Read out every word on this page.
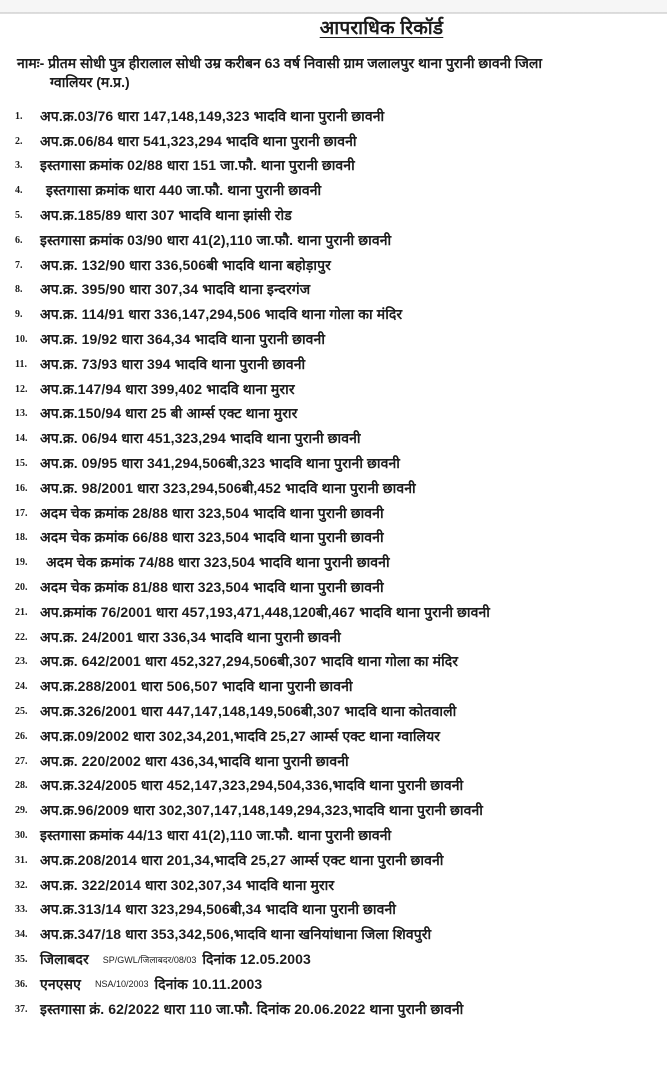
आपराधिक रिकॉर्ड
नामः- प्रीतम सोधी पुत्र हीरालाल सोधी उम्र करीबन 63 वर्ष निवासी ग्राम जलालपुर थाना पुरानी छावनी जिला
ग्वालियर (म.प्र.)
1.	अप.क्र.03/76 धारा 147,148,149,323 भादवि थाना पुरानी छावनी
2.	अप.क्र.06/84 धारा 541,323,294 भादवि थाना पुरानी छावनी
3.	इस्तगासा क्रमांक 02/88 धारा 151 जा.फौ. थाना पुरानी छावनी
4.	इस्तगासा क्रमांक धारा 440 जा.फौ. थाना पुरानी छावनी
5.	अप.क्र.185/89 धारा 307 भादवि थाना झांसी रोड
6.	इस्तगासा क्रमांक 03/90 धारा 41(2),110 जा.फौ. थाना पुरानी छावनी
7.	अप.क्र. 132/90 धारा 336,506बी भादवि थाना बहोड़ापुर
8.	अप.क्र. 395/90 धारा 307,34 भादवि थाना इन्दरगंज
9.	अप.क्र. 114/91 धारा 336,147,294,506 भादवि थाना गोला का मंदिर
10. अप.क्र. 19/92 धारा 364,34 भादवि थाना पुरानी छावनी
11. अप.क्र. 73/93 धारा 394 भादवि थाना पुरानी छावनी
12. अप.क्र.147/94 धारा 399,402 भादवि थाना मुरार
13. अप.क्र.150/94 धारा 25 बी आर्म्स एक्ट थाना मुरार
14. अप.क्र. 06/94 धारा 451,323,294 भादवि थाना पुरानी छावनी
15. अप.क्र. 09/95 धारा 341,294,506बी,323 भादवि थाना पुरानी छावनी
16. अप.क्र. 98/2001 धारा 323,294,506बी,452 भादवि थाना पुरानी छावनी
17. अदम चेक क्रमांक 28/88 धारा 323,504 भादवि थाना पुरानी छावनी
18. अदम चेक क्रमांक 66/88 धारा 323,504 भादवि थाना पुरानी छावनी
19.	अदम चेक क्रमांक 74/88 धारा 323,504 भादवि थाना पुरानी छावनी
20. अदम चेक क्रमांक 81/88 धारा 323,504 भादवि थाना पुरानी छावनी
21. अप.क्रमांक 76/2001 धारा 457,193,471,448,120बी,467 भादवि थाना पुरानी छावनी
22. अप.क्र. 24/2001 धारा 336,34 भादवि थाना पुरानी छावनी
23. अप.क्र. 642/2001 धारा 452,327,294,506बी,307 भादवि थाना गोला का मंदिर
24. अप.क्र.288/2001 धारा 506,507 भादवि थाना पुरानी छावनी
25. अप.क्र.326/2001 धारा 447,147,148,149,506बी,307 भादवि थाना कोतवाली
26. अप.क्र.09/2002 धारा 302,34,201,भादवि 25,27 आर्म्स एक्ट थाना ग्वालियर
27. अप.क्र. 220/2002 धारा 436,34,भादवि थाना पुरानी छावनी
28. अप.क्र.324/2005 धारा 452,147,323,294,504,336,भादवि थाना पुरानी छावनी
29. अप.क्र.96/2009 धारा 302,307,147,148,149,294,323,भादवि थाना पुरानी छावनी
30. इस्तगासा क्रमांक 44/13 धारा 41(2),110 जा.फौ. थाना पुरानी छावनी
31. अप.क्र.208/2014 धारा 201,34,भादवि 25,27 आर्म्स एक्ट थाना पुरानी छावनी
32. अप.क्र. 322/2014 धारा 302,307,34 भादवि थाना मुरार
33. अप.क्र.313/14 धारा 323,294,506बी,34 भादवि थाना पुरानी छावनी
34. अप.क्र.347/18 धारा 353,342,506,भादवि थाना खनियांधाना जिला शिवपुरी
35. जिलाबदर SP/GWL/जिलाबदर/08/03 दिनांक 12.05.2003
36. एनएसए NSA/10/2003 दिनांक 10.11.2003
37. इस्तगासा क्रं. 62/2022 धारा 110 जा.फौ. दिनांक 20.06.2022 थाना पुरानी छावनी
